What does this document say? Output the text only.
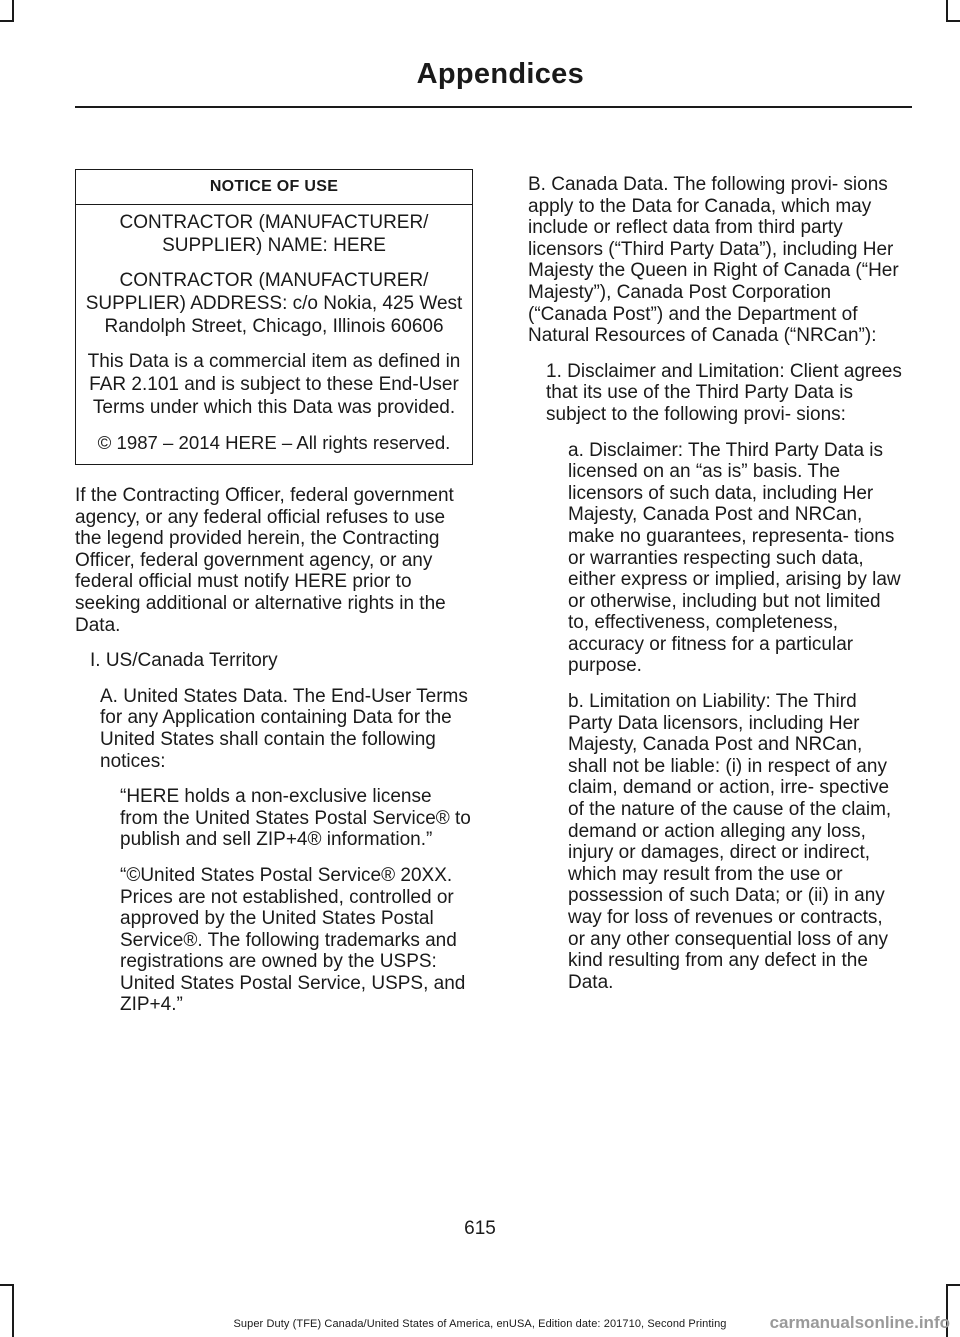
Appendices
NOTICE OF USE

CONTRACTOR (MANUFACTURER/ SUPPLIER) NAME: HERE

CONTRACTOR (MANUFACTURER/ SUPPLIER) ADDRESS: c/o Nokia, 425 West Randolph Street, Chicago, Illinois 60606

This Data is a commercial item as defined in FAR 2.101 and is subject to these End-User Terms under which this Data was provided.

© 1987 – 2014 HERE – All rights reserved.

If the Contracting Officer, federal government agency, or any federal official refuses to use the legend provided herein, the Contracting Officer, federal government agency, or any federal official must notify HERE prior to seeking additional or alternative rights in the Data.

I. US/Canada Territory

A. United States Data. The End-User Terms for any Application containing Data for the United States shall contain the following notices:

“HERE holds a non-exclusive license from the United States Postal Service® to publish and sell ZIP+4® information.”

“©United States Postal Service® 20XX. Prices are not established, controlled or approved by the United States Postal Service®. The following trademarks and registrations are owned by the USPS: United States Postal Service, USPS, and ZIP+4.”

B. Canada Data. The following provi- sions apply to the Data for Canada, which may include or reflect data from third party licensors (“Third Party Data”), including Her Majesty the Queen in Right of Canada (“Her Majesty”), Canada Post Corporation (“Canada Post”) and the Department of Natural Resources of Canada (“NRCan”):

1. Disclaimer and Limitation: Client agrees that its use of the Third Party Data is subject to the following provi- sions:

a. Disclaimer: The Third Party Data is licensed on an “as is” basis. The licensors of such data, including Her Majesty, Canada Post and NRCan, make no guarantees, representa- tions or warranties respecting such data, either express or implied, arising by law or otherwise, including but not limited to, effectiveness, completeness, accuracy or fitness for a particular purpose.

b. Limitation on Liability: The Third Party Data licensors, including Her Majesty, Canada Post and NRCan, shall not be liable: (i) in respect of any claim, demand or action, irre- spective of the nature of the cause of the claim, demand or action alleging any loss, injury or damages, direct or indirect, which may result from the use or possession of such Data; or (ii) in any way for loss of revenues or contracts, or any other consequential loss of any kind resulting from any defect in the Data.

615
Super Duty (TFE) Canada/United States of America, enUSA, Edition date: 201710, Second Printing	carmanualsonline.info
